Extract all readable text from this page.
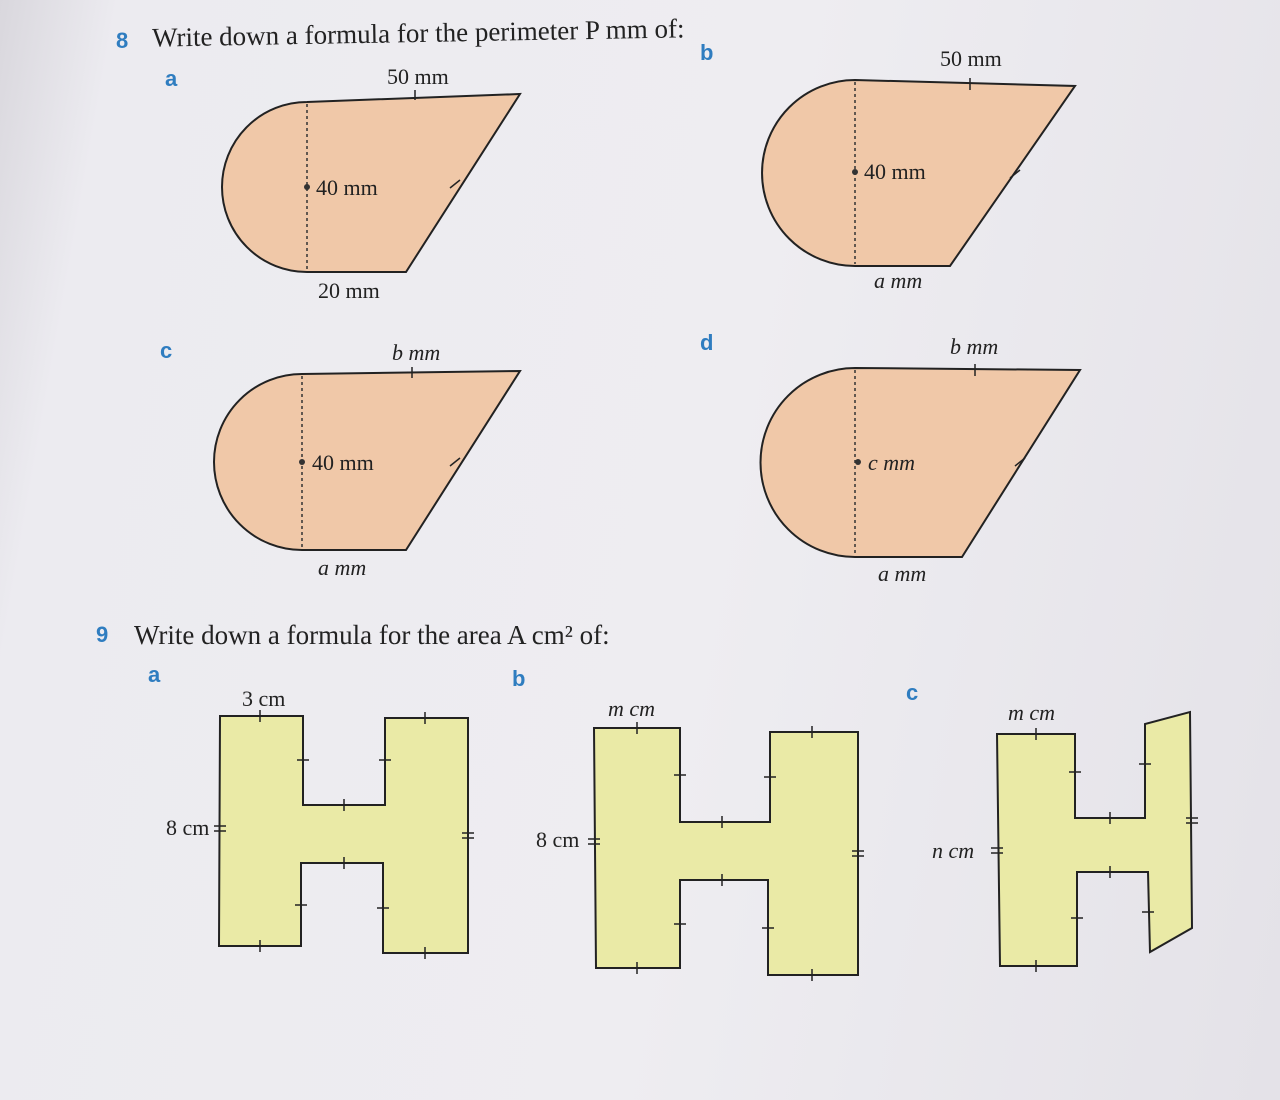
8 Write down a formula for the perimeter P mm of:
a	50 mm
40 mm
20 mm
b	50 mm
40 mm
a mm
c	b mm
40 mm
a mm
d	b mm
c mm
a mm
9 Write down a formula for the area A cm² of:
a
3 cm
8 cm
b
m cm
8 cm
c
m cm
n cm
